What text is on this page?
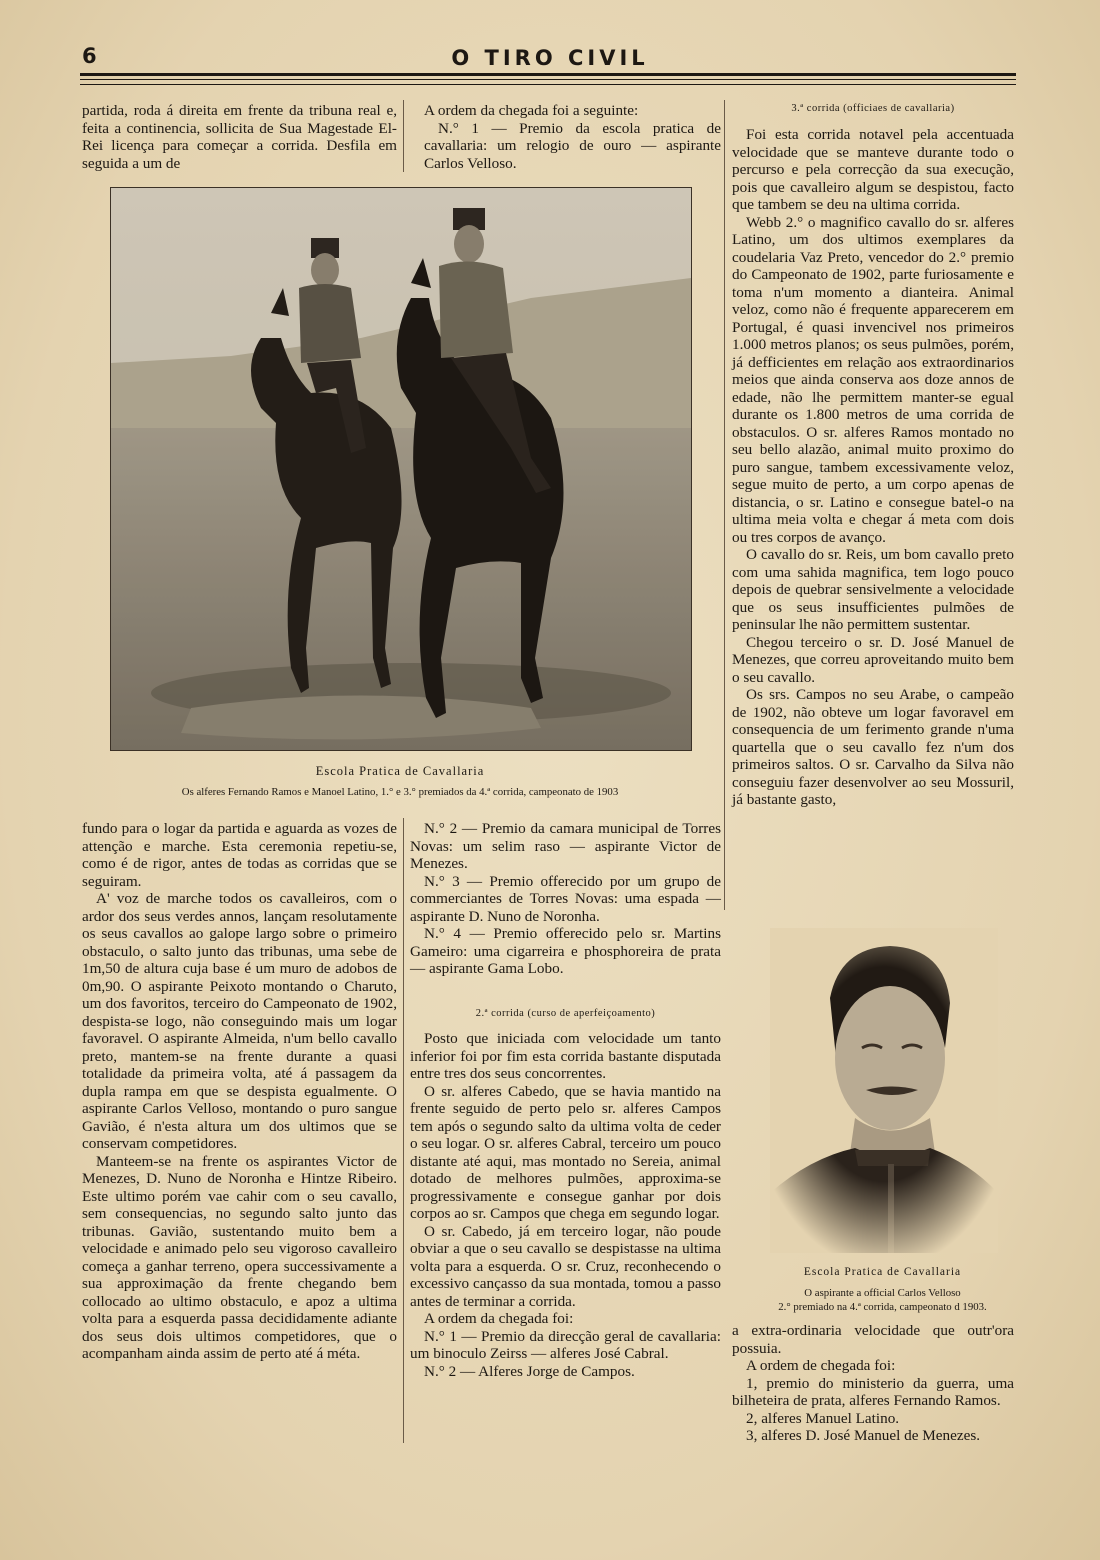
6	O TIRO CIVIL

partida, roda á direita em frente da tribuna real e, feita a continencia, sollicita de Sua Magestade El-Rei licença para começar a corrida. Desfila em seguida a um de

A ordem da chegada foi a seguinte:

N.° 1 — Premio da escola pratica de cavallaria: um relogio de ouro — aspirante Carlos Velloso.

Escola Pratica de Cavallaria
Os alferes Fernando Ramos e Manoel Latino, 1.° e 3.° premiados da 4.ª corrida, campeonato de 1903

fundo para o logar da partida e aguarda as vozes de attenção e marche. Esta ceremonia repetiu-se, como é de rigor, antes de todas as corridas que se seguiram.

A' voz de marche todos os cavalleiros, com o ardor dos seus verdes annos, lançam resolutamente os seus cavallos ao galope largo sobre o primeiro obstaculo, o salto junto das tribunas, uma sebe de 1m,50 de altura cuja base é um muro de adobos de 0m,90. O aspirante Peixoto montando o Charuto, um dos favoritos, terceiro do Campeonato de 1902, despista-se logo, não conseguindo mais um logar favoravel. O aspirante Almeida, n'um bello cavallo preto, mantem-se na frente durante a quasi totalidade da primeira volta, até á passagem da dupla rampa em que se despista egualmente. O aspirante Carlos Velloso, montando o puro sangue Gavião, é n'esta altura um dos ultimos que se conservam competidores.

Manteem-se na frente os aspirantes Victor de Menezes, D. Nuno de Noronha e Hintze Ribeiro. Este ultimo porém vae cahir com o seu cavallo, sem consequencias, no segundo salto junto das tribunas. Gavião, sustentando muito bem a velocidade e animado pelo seu vigoroso cavalleiro começa a ganhar terreno, opera successivamente a sua approximação da frente chegando bem collocado ao ultimo obstaculo, e apoz a ultima volta para a esquerda passa decididamente adiante dos seus dois ultimos competidores, que o acompanham ainda assim de perto até á méta.

N.° 2 — Premio da camara municipal de Torres Novas: um selim raso — aspirante Victor de Menezes.

N.° 3 — Premio offerecido por um grupo de commerciantes de Torres Novas: uma espada — aspirante D. Nuno de Noronha.

N.° 4 — Premio offerecido pelo sr. Martins Gameiro: uma cigarreira e phosphoreira de prata — aspirante Gama Lobo.

2.ª corrida (curso de aperfeiçoamento)

Posto que iniciada com velocidade um tanto inferior foi por fim esta corrida bastante disputada entre tres dos seus concorrentes.

O sr. alferes Cabedo, que se havia mantido na frente seguido de perto pelo sr. alferes Campos tem após o segundo salto da ultima volta de ceder o seu logar. O sr. alferes Cabral, terceiro um pouco distante até aqui, mas montado no Sereia, animal dotado de melhores pulmões, approxima-se progressivamente e consegue ganhar por dois corpos ao sr. Campos que chega em segundo logar.

O sr. Cabedo, já em terceiro logar, não poude obviar a que o seu cavallo se despistasse na ultima volta para a esquerda. O sr. Cruz, reconhecendo o excessivo cançasso da sua montada, tomou a passo antes de terminar a corrida.

A ordem da chegada foi:

N.° 1 — Premio da direcção geral de cavallaria: um binoculo Zeirss — alferes José Cabral.

N.° 2 — Alferes Jorge de Campos.

3.ª corrida (officiaes de cavallaria)

Foi esta corrida notavel pela accentuada velocidade que se manteve durante todo o percurso e pela correcção da sua execução, pois que cavalleiro algum se despistou, facto que tambem se deu na ultima corrida.

Webb 2.° o magnifico cavallo do sr. alferes Latino, um dos ultimos exemplares da coudelaria Vaz Preto, vencedor do 2.° premio do Campeonato de 1902, parte furiosamente e toma n'um momento a dianteira. Animal veloz, como não é frequente apparecerem em Portugal, é quasi invencivel nos primeiros 1.000 metros planos; os seus pulmões, porém, já defficientes em relação aos extraordinarios meios que ainda conserva aos doze annos de edade, não lhe permittem manter-se egual durante os 1.800 metros de uma corrida de obstaculos. O sr. alferes Ramos montado no seu bello alazão, animal muito proximo do puro sangue, tambem excessivamente veloz, segue muito de perto, a um corpo apenas de distancia, o sr. Latino e consegue batel-o na ultima meia volta e chegar á meta com dois ou tres corpos de avanço.

O cavallo do sr. Reis, um bom cavallo preto com uma sahida magnifica, tem logo pouco depois de quebrar sensivelmente a velocidade que os seus insufficientes pulmões de peninsular lhe não permittem sustentar.

Chegou terceiro o sr. D. José Manuel de Menezes, que correu aproveitando muito bem o seu cavallo.

Os srs. Campos no seu Arabe, o campeão de 1902, não obteve um logar favoravel em consequencia de um ferimento grande n'uma quartella que o seu cavallo fez n'um dos primeiros saltos. O sr. Carvalho da Silva não conseguiu fazer desenvolver ao seu Mossuril, já bastante gasto,

Escola Pratica de Cavallaria
O aspirante a official Carlos Velloso
2.° premiado na 4.ª corrida, campeonato d 1903.

a extra-ordinaria velocidade que outr'ora possuia.

A ordem de chegada foi:

1, premio do ministerio da guerra, uma bilheteira de prata, alferes Fernando Ramos.

2, alferes Manuel Latino.

3, alferes D. José Manuel de Menezes.
